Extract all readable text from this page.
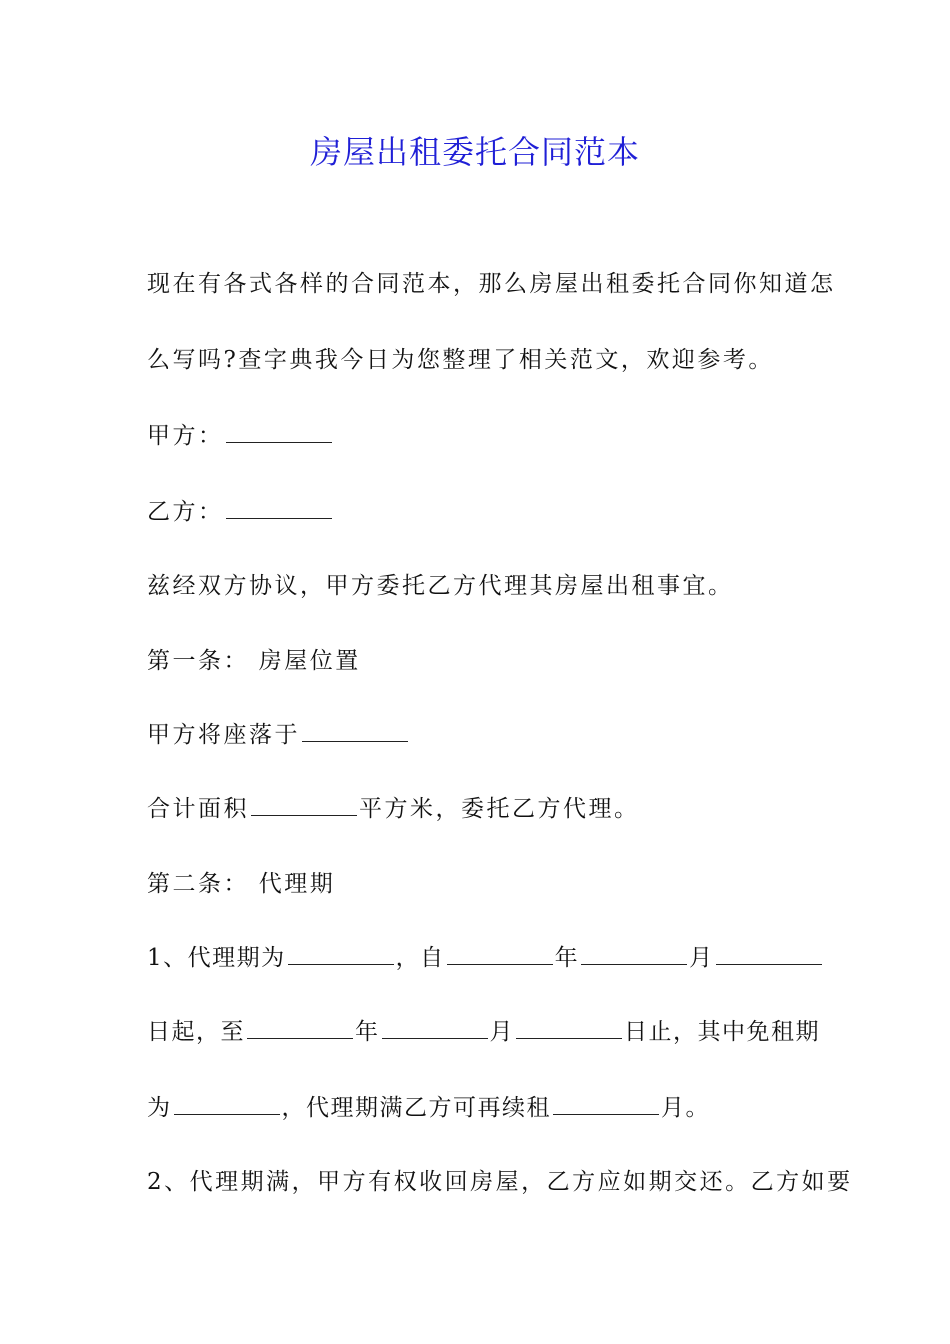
房屋出租委托合同范本
现在有各式各样的合同范本，那么房屋出租委托合同你知道怎
么写吗?查字典我今日为您整理了相关范文，欢迎参考。
甲方：
乙方：
兹经双方协议，甲方委托乙方代理其房屋出租事宜。
第一条： 房屋位置
甲方将座落于
合计面积	平方米，委托乙方代理。
第二条： 代理期
1、代理期为	，自	年	月
日起，至	年	月	日止，其中免租期
为	，代理期满乙方可再续租	月。
2、代理期满，甲方有权收回房屋，乙方应如期交还。乙方如要
